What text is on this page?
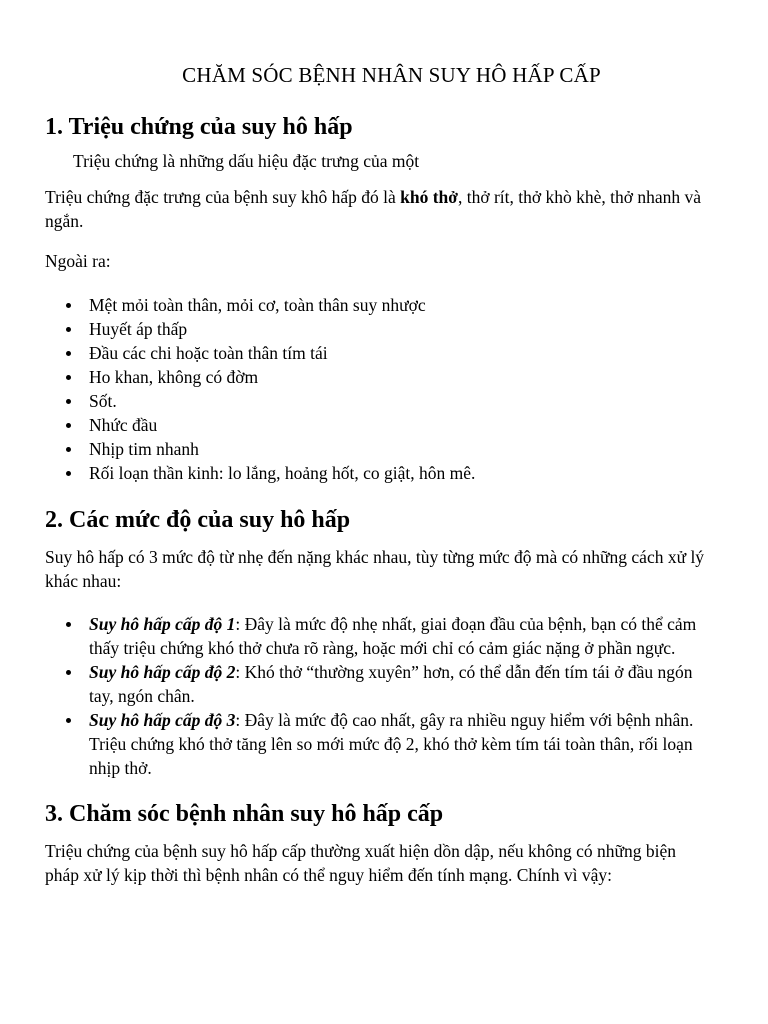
CHĂM SÓC BỆNH NHÂN SUY HÔ HẤP CẤP
1. Triệu chứng của suy hô hấp

Triệu chứng là những dấu hiệu đặc trưng của một

Triệu chứng đặc trưng của bệnh suy khô hấp đó là khó thở, thở rít, thở khò khè, thở nhanh và ngắn.

Ngoài ra:

Mệt mỏi toàn thân, mỏi cơ, toàn thân suy nhược
Huyết áp thấp
Đầu các chi hoặc toàn thân tím tái
Ho khan, không có đờm
Sốt.
Nhức đầu
Nhịp tim nhanh
Rối loạn thần kinh: lo lắng, hoảng hốt, co giật, hôn mê.
2. Các mức độ của suy hô hấp

Suy hô hấp có 3 mức độ từ nhẹ đến nặng khác nhau, tùy từng mức độ mà có những cách xử lý khác nhau:

Suy hô hấp cấp độ 1: Đây là mức độ nhẹ nhất, giai đoạn đầu của bệnh, bạn có thể cảm thấy triệu chứng khó thở chưa rõ ràng, hoặc mới chỉ có cảm giác nặng ở phần ngực.
Suy hô hấp cấp độ 2: Khó thở “thường xuyên” hơn, có thể dẫn đến tím tái ở đầu ngón tay, ngón chân.
Suy hô hấp cấp độ 3: Đây là mức độ cao nhất, gây ra nhiều nguy hiểm với bệnh nhân. Triệu chứng khó thở tăng lên so mới mức độ 2, khó thở kèm tím tái toàn thân, rối loạn nhịp thở.
3. Chăm sóc bệnh nhân suy hô hấp cấp

Triệu chứng của bệnh suy hô hấp cấp thường xuất hiện dồn dập, nếu không có những biện pháp xử lý kịp thời thì bệnh nhân có thể nguy hiểm đến tính mạng. Chính vì vậy:
